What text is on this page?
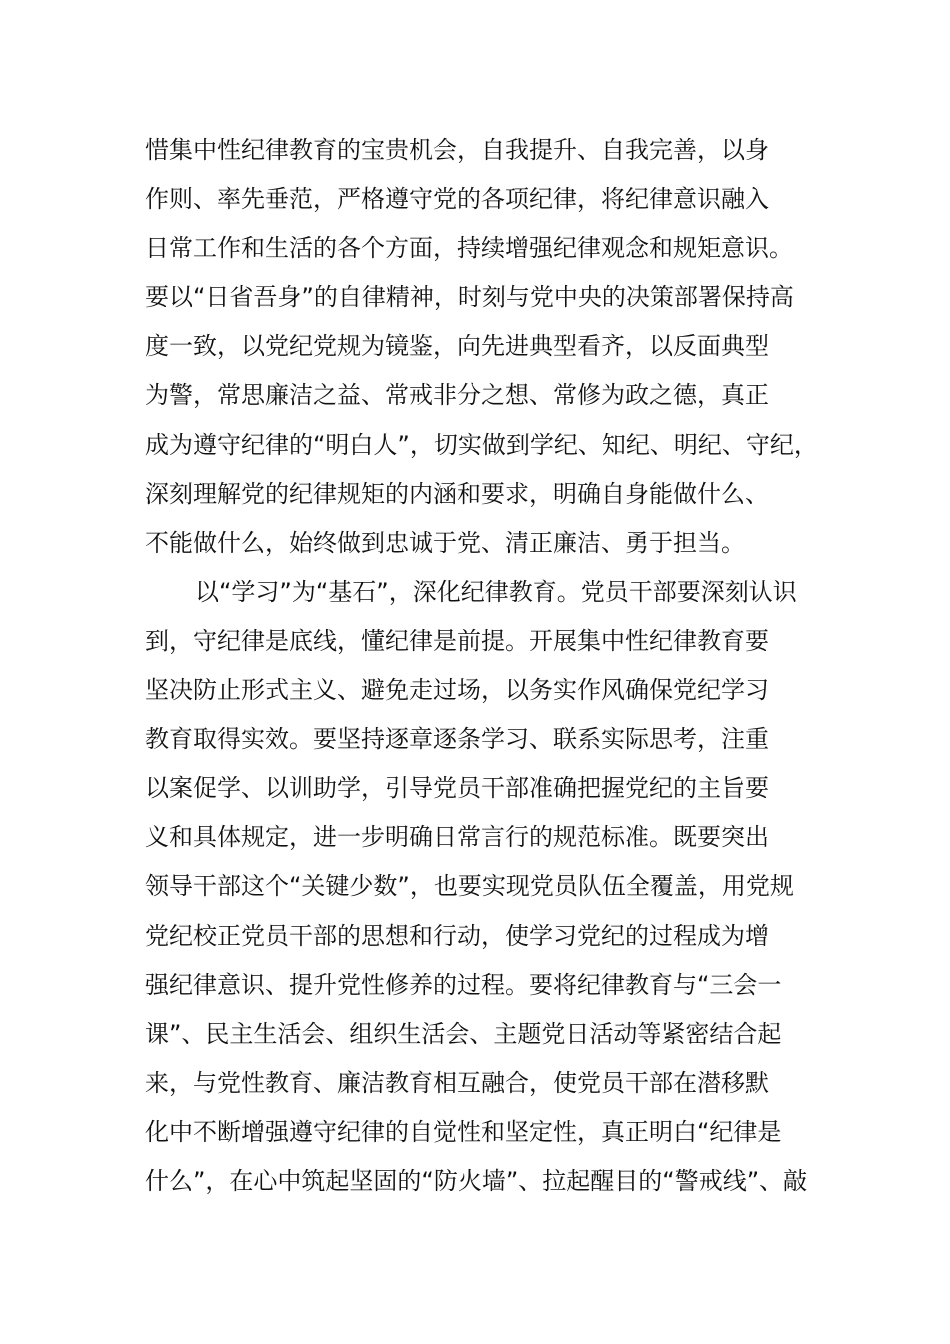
惜集中性纪律教育的宝贵机会，自我提升、自我完善，以身
作则、率先垂范，严格遵守党的各项纪律，将纪律意识融入
日常工作和生活的各个方面，持续增强纪律观念和规矩意识。
要以“日省吾身”的自律精神，时刻与党中央的决策部署保持高
度一致，以党纪党规为镜鉴，向先进典型看齐，以反面典型
为警，常思廉洁之益、常戒非分之想、常修为政之德，真正
成为遵守纪律的“明白人”，切实做到学纪、知纪、明纪、守纪，
深刻理解党的纪律规矩的内涵和要求，明确自身能做什么、
不能做什么，始终做到忠诚于党、清正廉洁、勇于担当。
以“学习”为“基石”，深化纪律教育。党员干部要深刻认识
到，守纪律是底线，懂纪律是前提。开展集中性纪律教育要
坚决防止形式主义、避免走过场，以务实作风确保党纪学习
教育取得实效。要坚持逐章逐条学习、联系实际思考，注重
以案促学、以训助学，引导党员干部准确把握党纪的主旨要
义和具体规定，进一步明确日常言行的规范标准。既要突出
领导干部这个“关键少数”，也要实现党员队伍全覆盖，用党规
党纪校正党员干部的思想和行动，使学习党纪的过程成为增
强纪律意识、提升党性修养的过程。要将纪律教育与“三会一
课”、民主生活会、组织生活会、主题党日活动等紧密结合起
来，与党性教育、廉洁教育相互融合，使党员干部在潜移默
化中不断增强遵守纪律的自觉性和坚定性，真正明白“纪律是
什么”，在心中筑起坚固的“防火墙”、拉起醒目的“警戒线”、敲
